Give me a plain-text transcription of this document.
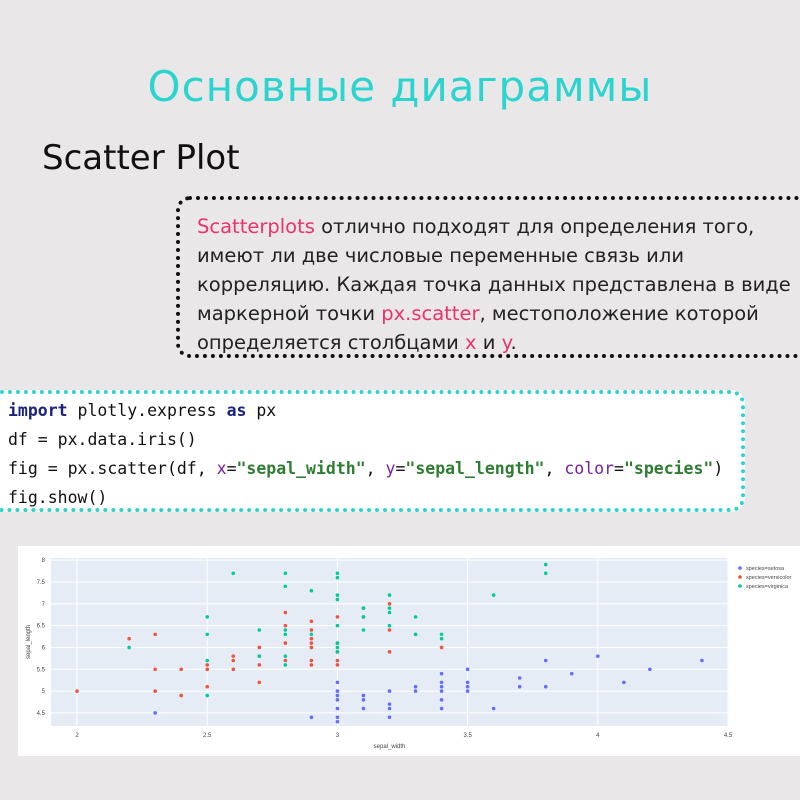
Основные диаграммы
Scatter Plot
Scatterplots отлично подходят для определения того, имеют ли две числовые переменные связь или корреляцию. Каждая точка данных представлена в виде маркерной точки px.scatter, местоположение которой определяется столбцами x и y.
import plotly.express as px
df = px.data.iris()
fig = px.scatter(df, x="sepal_width", y="sepal_length", color="species")
fig.show()
2	2.5	3	3.5	4	4.5
4.5
5
5.5
6
6.5
7
7.5
8
sepal_width
sepal_length
species=setosa
species=versicolor
species=virginica
